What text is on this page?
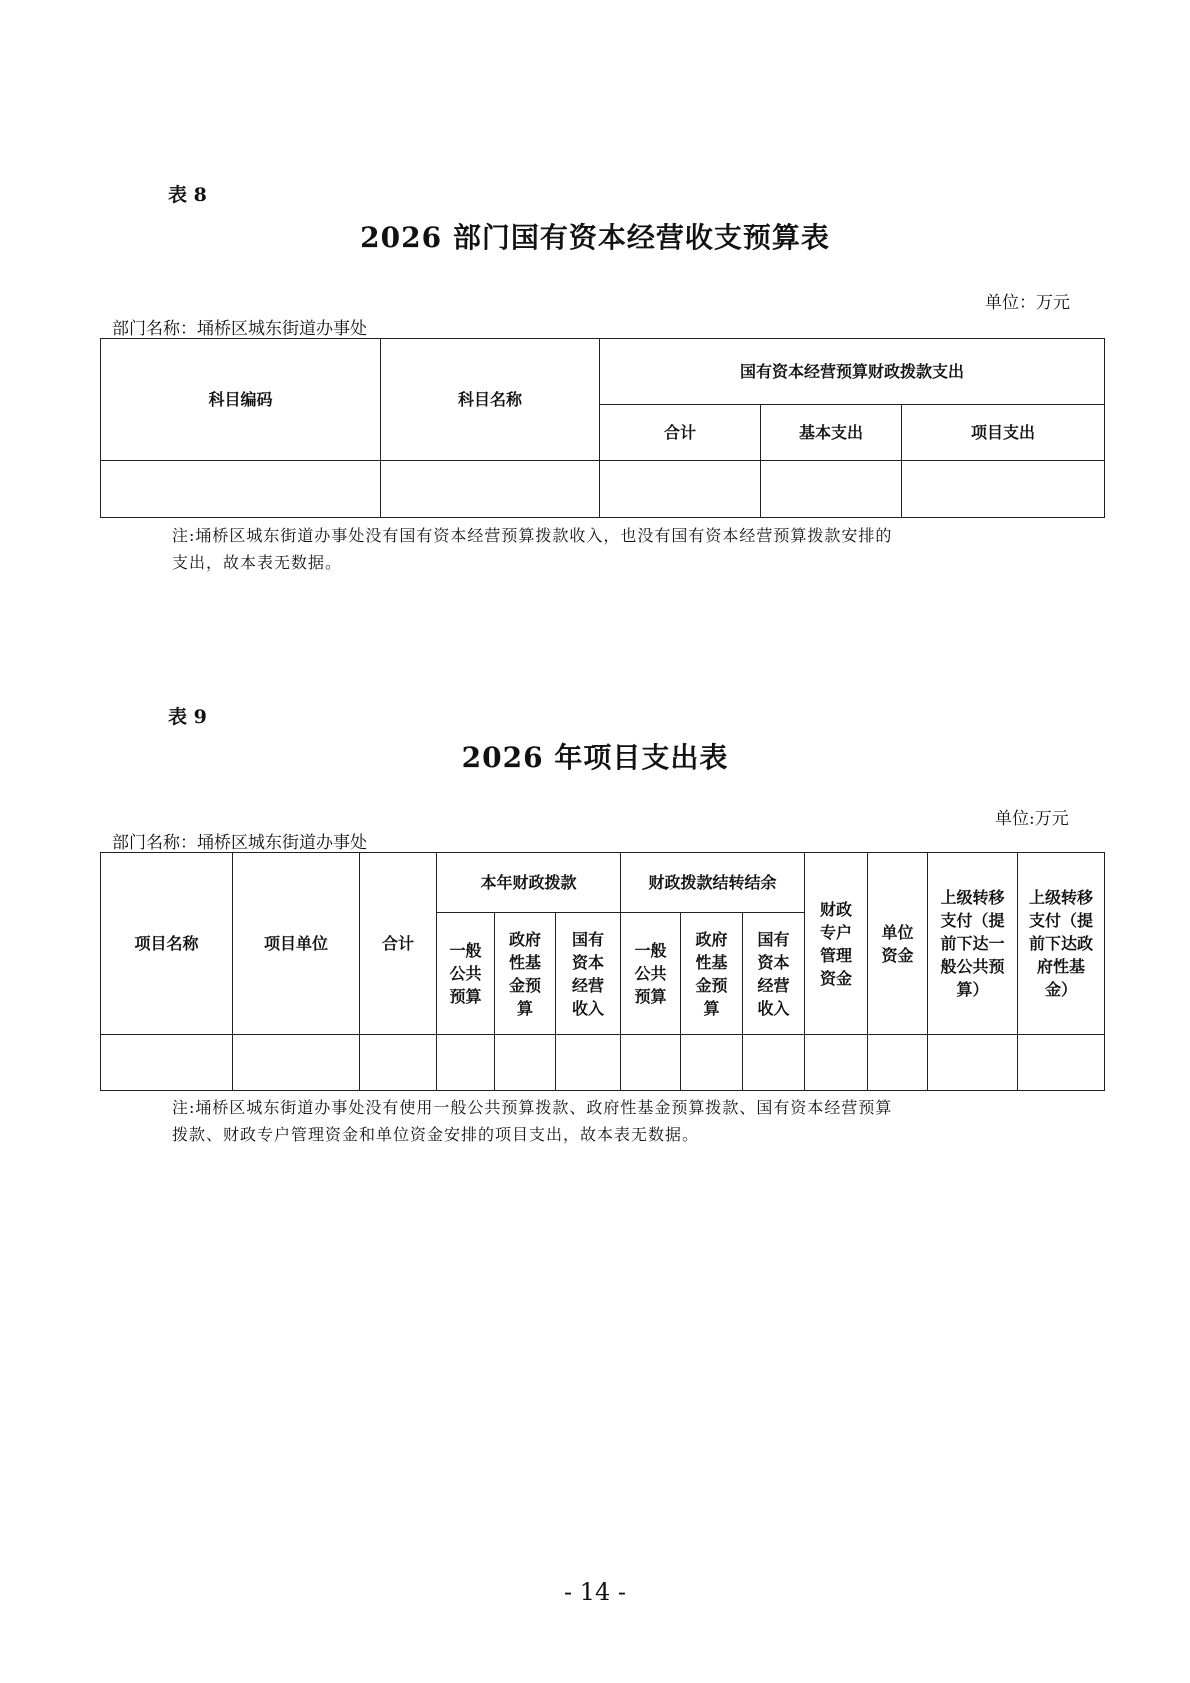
表 8
2026 部门国有资本经营收支预算表
单位：万元
部门名称：埇桥区城东街道办事处
科目编码	科目名称	国有资本经营预算财政拨款支出		
		合计	基本支出	项目支出

注:埇桥区城东街道办事处没有国有资本经营预算拨款收入，也没有国有资本经营预算拨款安排的
支出，故本表无数据。
表 9
2026 年项目支出表
单位:万元
部门名称：埇桥区城东街道办事处
项目名称	项目单位	合计	本年财政拨款			财政拨款结转结余			财政专户管理资金	单位资金	上级转移支付（提前下达一般公共预算）	上级转移支付（提前下达政府性基金）
			一般公共预算	政府性基金预算	国有资本经营收入	一般公共预算	政府性基金预算	国有资本经营收入				

注:埇桥区城东街道办事处没有使用一般公共预算拨款、政府性基金预算拨款、国有资本经营预算
拨款、财政专户管理资金和单位资金安排的项目支出，故本表无数据。
- 14 -
